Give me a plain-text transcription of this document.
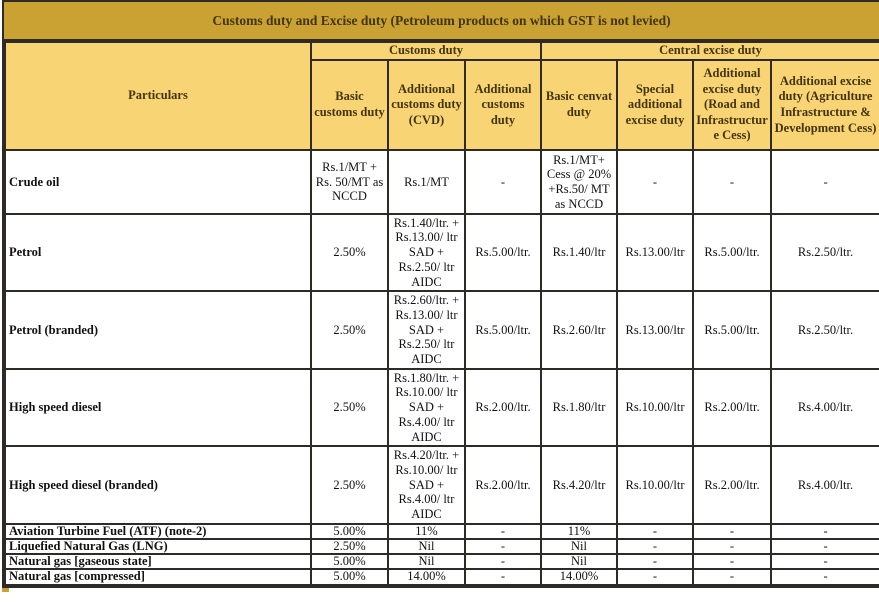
Customs duty and Excise duty (Petroleum products on which GST is not levied)
Particulars	Customs duty			Central excise duty			
	Basic customs duty	Additional customs duty (CVD)	Additional customs duty	Basic cenvat duty	Special additional excise duty	Additional excise duty (Road and Infrastructure Cess)	Additional excise duty (Agriculture Infrastructure & Development Cess)
Crude oil	Rs.1/MT + Rs. 50/MT as NCCD	Rs.1/MT	-	Rs.1/MT+ Cess @ 20% +Rs.50/ MT as NCCD	-	-	-
Petrol	2.50%	Rs.1.40/ltr. + Rs.13.00/ ltr SAD + Rs.2.50/ ltr AIDC	Rs.5.00/ltr.	Rs.1.40/ltr	Rs.13.00/ltr	Rs.5.00/ltr.	Rs.2.50/ltr.
Petrol (branded)	2.50%	Rs.2.60/ltr. + Rs.13.00/ ltr SAD + Rs.2.50/ ltr AIDC	Rs.5.00/ltr.	Rs.2.60/ltr	Rs.13.00/ltr	Rs.5.00/ltr.	Rs.2.50/ltr.
High speed diesel	2.50%	Rs.1.80/ltr. + Rs.10.00/ ltr SAD + Rs.4.00/ ltr AIDC	Rs.2.00/ltr.	Rs.1.80/ltr	Rs.10.00/ltr	Rs.2.00/ltr.	Rs.4.00/ltr.
High speed diesel (branded)	2.50%	Rs.4.20/ltr. + Rs.10.00/ ltr SAD + Rs.4.00/ ltr AIDC	Rs.2.00/ltr.	Rs.4.20/ltr	Rs.10.00/ltr	Rs.2.00/ltr.	Rs.4.00/ltr.
Aviation Turbine Fuel (ATF) (note-2)	5.00%	11%	-	11%	-	-	-
Liquefied Natural Gas (LNG)	2.50%	Nil	-	Nil	-	-	-
Natural gas [gaseous state]	5.00%	Nil	-	Nil	-	-	-
Natural gas [compressed]	5.00%	14.00%	-	14.00%	-	-	-
